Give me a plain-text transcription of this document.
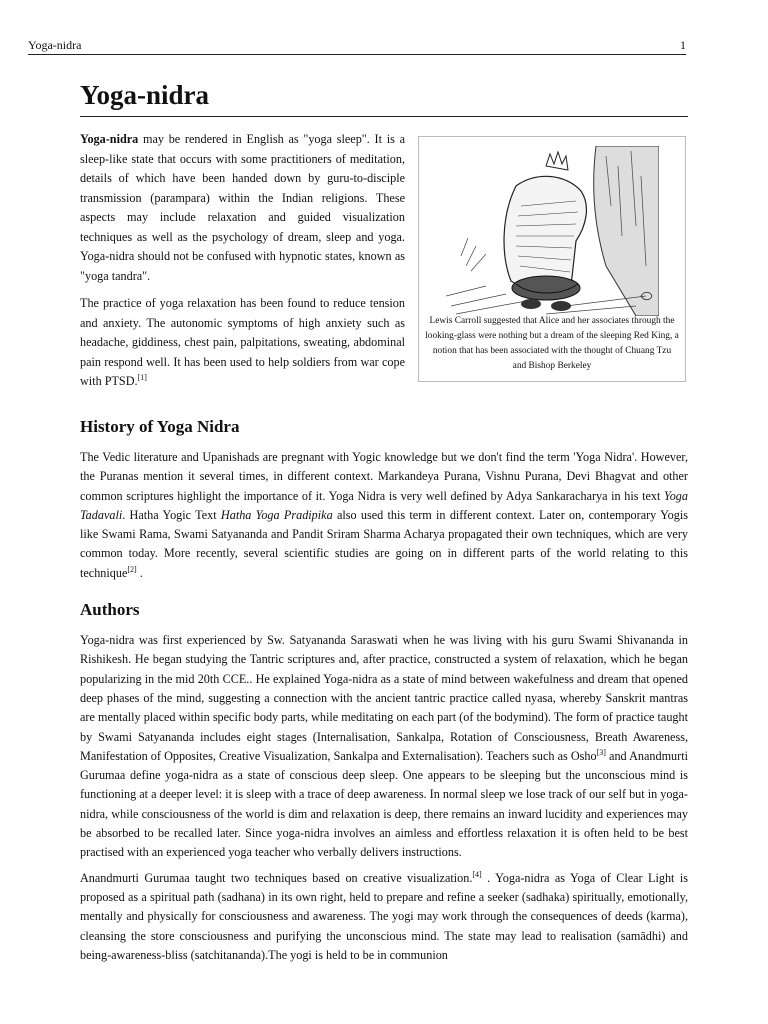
Yoga-nidra	1
Yoga-nidra

Yoga-nidra may be rendered in English as "yoga sleep". It is a sleep-like state that occurs with some practitioners of meditation, details of which have been handed down by guru-to-disciple transmission (parampara) within the Indian religions. These aspects may include relaxation and guided visualization techniques as well as the psychology of dream, sleep and yoga. Yoga-nidra should not be confused with hypnotic states, known as "yoga tandra".

The practice of yoga relaxation has been found to reduce tension and anxiety. The autonomic symptoms of high anxiety such as headache, giddiness, chest pain, palpitations, sweating, abdominal pain respond well. It has been used to help soldiers from war cope with PTSD.[1]

Lewis Carroll suggested that Alice and her associates through the looking-glass were nothing but a dream of the sleeping Red King, a notion that has been associated with the thought of Chuang Tzu and Bishop Berkeley
History of Yoga Nidra

The Vedic literature and Upanishads are pregnant with Yogic knowledge but we don't find the term 'Yoga Nidra'. However, the Puranas mention it several times, in different context. Markandeya Purana, Vishnu Purana, Devi Bhagvat and other common scriptures highlight the importance of it. Yoga Nidra is very well defined by Adya Sankaracharya in his text Yoga Tadavali. Hatha Yogic Text Hatha Yoga Pradipika also used this term in different context. Later on, contemporary Yogis like Swami Rama, Swami Satyananda and Pandit Sriram Sharma Acharya propagated their own techniques, which are very common today. More recently, several scientific studies are going on in different parts of the world relating to this technique[2] .

Authors

Yoga-nidra was first experienced by Sw. Satyananda Saraswati when he was living with his guru Swami Shivananda in Rishikesh. He began studying the Tantric scriptures and, after practice, constructed a system of relaxation, which he began popularizing in the mid 20th CCE.. He explained Yoga-nidra as a state of mind between wakefulness and dream that opened deep phases of the mind, suggesting a connection with the ancient tantric practice called nyasa, whereby Sanskrit mantras are mentally placed within specific body parts, while meditating on each part (of the bodymind). The form of practice taught by Swami Satyananda includes eight stages (Internalisation, Sankalpa, Rotation of Consciousness, Breath Awareness, Manifestation of Opposites, Creative Visualization, Sankalpa and Externalisation). Teachers such as Osho[3] and Anandmurti Gurumaa define yoga-nidra as a state of conscious deep sleep. One appears to be sleeping but the unconscious mind is functioning at a deeper level: it is sleep with a trace of deep awareness. In normal sleep we lose track of our self but in yoga-nidra, while consciousness of the world is dim and relaxation is deep, there remains an inward lucidity and experiences may be absorbed to be recalled later. Since yoga-nidra involves an aimless and effortless relaxation it is often held to be best practised with an experienced yoga teacher who verbally delivers instructions.

Anandmurti Gurumaa taught two techniques based on creative visualization.[4] . Yoga-nidra as Yoga of Clear Light is proposed as a spiritual path (sadhana) in its own right, held to prepare and refine a seeker (sadhaka) spiritually, emotionally, mentally and physically for consciousness and awareness. The yogi may work through the consequences of deeds (karma), cleansing the store consciousness and purifying the unconscious mind. The state may lead to realisation (samādhi) and being-awareness-bliss (satchitananda).The yogi is held to be in communion
